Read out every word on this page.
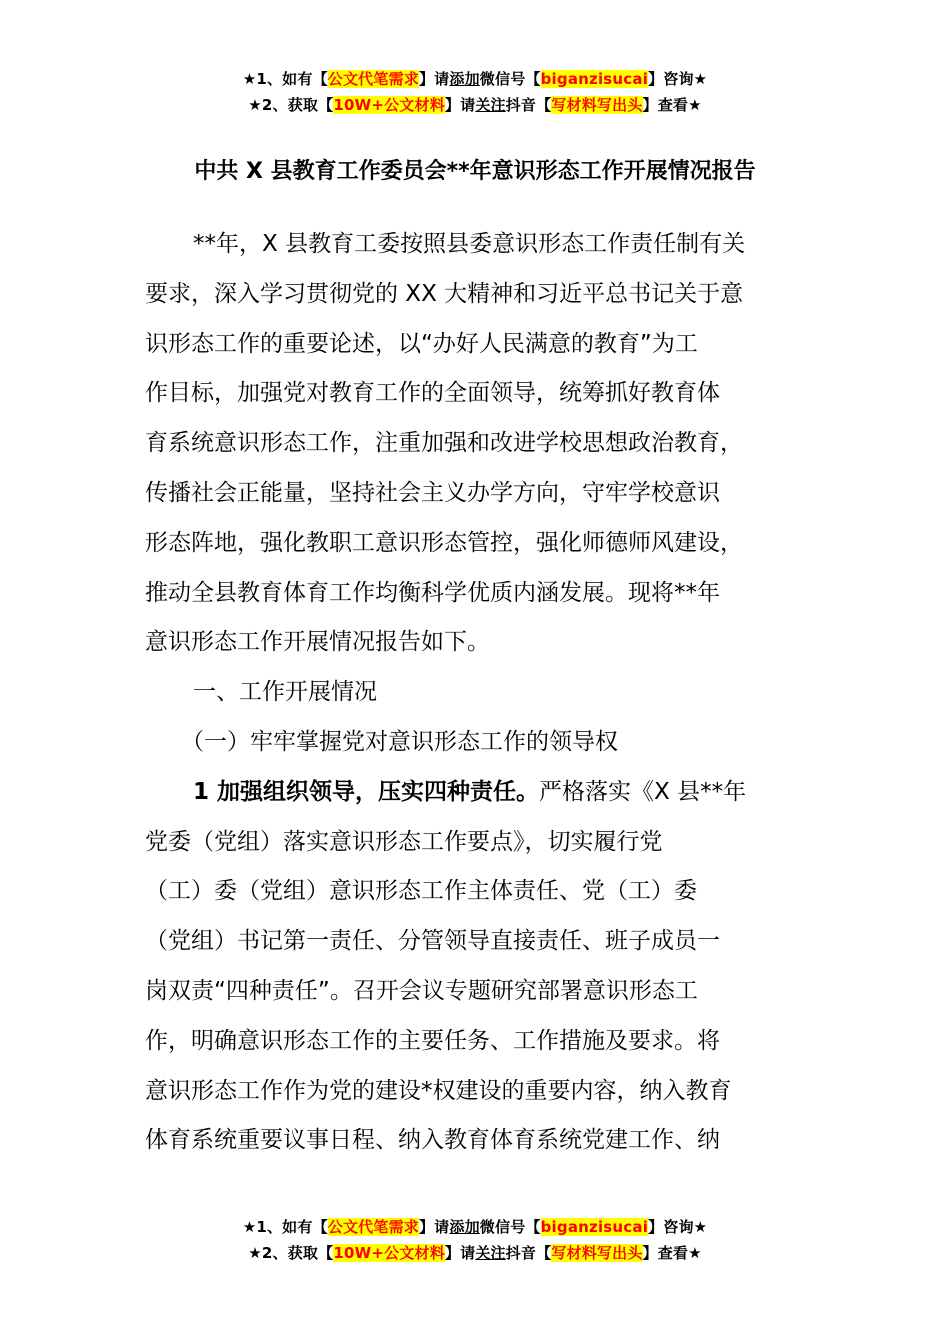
★1、如有【公文代笔需求】请添加微信号【biganzisucai】咨询★
★2、获取【10W+公文材料】请关注抖音【写材料写出头】查看★
中共 X 县教育工作委员会**年意识形态工作开展情况报告
**年，X 县教育工委按照县委意识形态工作责任制有关
要求，深入学习贯彻党的 XX 大精神和习近平总书记关于意
识形态工作的重要论述，以“办好人民满意的教育”为工
作目标，加强党对教育工作的全面领导，统筹抓好教育体
育系统意识形态工作，注重加强和改进学校思想政治教育，
传播社会正能量，坚持社会主义办学方向，守牢学校意识
形态阵地，强化教职工意识形态管控，强化师德师风建设，
推动全县教育体育工作均衡科学优质内涵发展。现将**年
意识形态工作开展情况报告如下。
一、工作开展情况
（一）牢牢掌握党对意识形态工作的领导权
1 加强组织领导，压实四种责任。严格落实《X 县**年
党委（党组）落实意识形态工作要点》，切实履行党
（工）委（党组）意识形态工作主体责任、党（工）委
（党组）书记第一责任、分管领导直接责任、班子成员一
岗双责“四种责任”。召开会议专题研究部署意识形态工
作，明确意识形态工作的主要任务、工作措施及要求。将
意识形态工作作为党的建设*权建设的重要内容，纳入教育
体育系统重要议事日程、纳入教育体育系统党建工作、纳
★1、如有【公文代笔需求】请添加微信号【biganzisucai】咨询★
★2、获取【10W+公文材料】请关注抖音【写材料写出头】查看★
